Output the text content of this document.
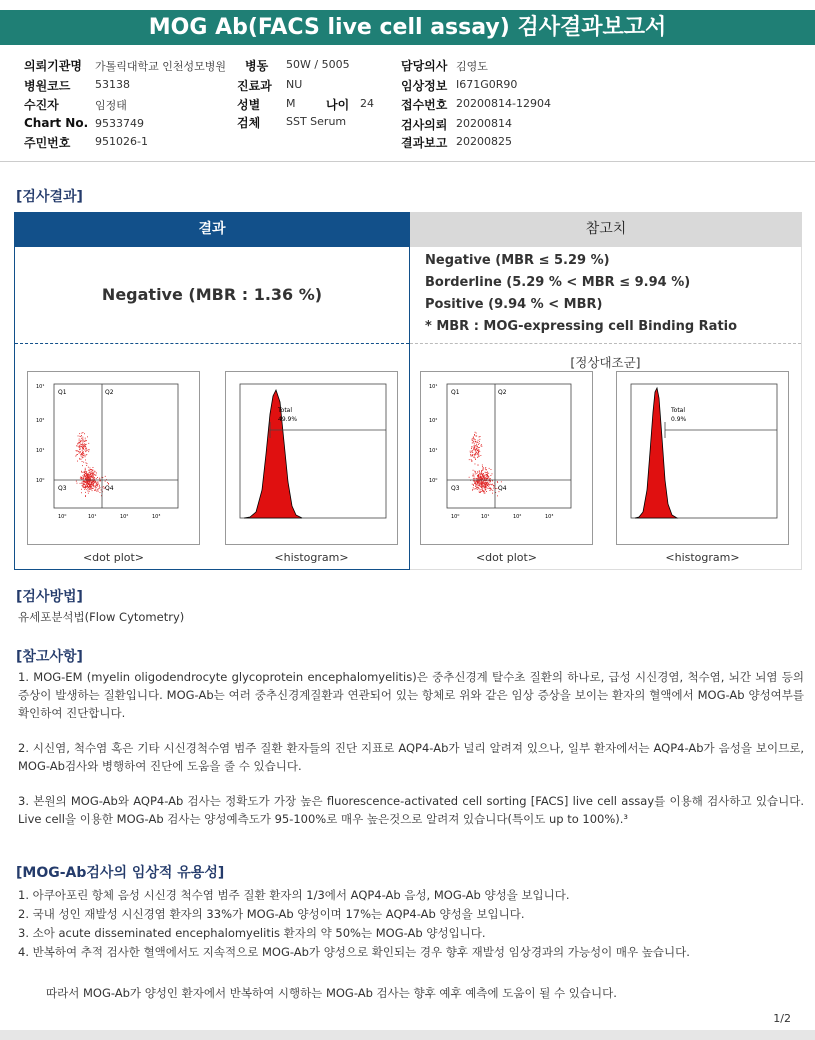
MOG Ab(FACS live cell assay) 검사결과보고서
의뢰기관명 가톨릭대학교 인천성모병원
병원코드 53138
수진자	임정태
Chart No. 9533749
주민번호 951026-1
병동 50W / 5005
진료과 NU
성별 M	나이 24
검체 SST Serum
담당의사 김영도
임상정보 I671G0R90
접수번호 20200814-12904
검사의뢰 20200814
결과보고 20200825
[검사결과]
결과	참고치
Negative (MBR : 1.36 %)
Q1	Q2
Q3	Q4
10¹
10²
10¹
10⁰
10⁰	10¹	10²	10³
<dot plot>
Total
49.9%
<histogram>
Negative (MBR ≤ 5.29 %)
Borderline (5.29 % < MBR ≤ 9.94 %)
Positive (9.94 % < MBR)
* MBR : MOG-expressing cell Binding Ratio
[정상대조군]
Q1	Q2
Q3	Q4
10¹
10²
10¹
10⁰
10⁰	10¹	10²	10³
<dot plot>
Total
0.9%
<histogram>
[검사방법]
유세포분석법(Flow Cytometry)
[참고사항]
1. MOG-EM (myelin oligodendrocyte glycoprotein encephalomyelitis)은 중추신경계 탈수초 질환의 하나로, 급성 시신경염, 척수염, 뇌간 뇌염 등의 증상이 발생하는 질환입니다. MOG-Ab는 여러 중추신경계질환과 연관되어 있는 항체로 위와 같은 임상 증상을 보이는 환자의 혈액에서 MOG-Ab 양성여부를 확인하여 진단합니다.
2. 시신염, 척수염 혹은 기타 시신경척수염 범주 질환 환자들의 진단 지표로 AQP4-Ab가 널리 알려져 있으나, 일부 환자에서는 AQP4-Ab가 음성을 보이므로, MOG-Ab검사와 병행하여 진단에 도움을 줄 수 있습니다.
3. 본원의 MOG-Ab와 AQP4-Ab 검사는 정확도가 가장 높은 fluorescence-activated cell sorting [FACS] live cell assay를 이용해 검사하고 있습니다. Live cell을 이용한 MOG-Ab 검사는 양성예측도가 95-100%로 매우 높은것으로 알려져 있습니다(특이도 up to 100%).³
[MOG-Ab검사의 임상적 유용성]
1. 아쿠아포린 항체 음성 시신경 척수염 범주 질환 환자의 1/3에서 AQP4-Ab 음성, MOG-Ab 양성을 보입니다.
2. 국내 성인 재발성 시신경염 환자의 33%가 MOG-Ab 양성이며 17%는 AQP4-Ab 양성을 보입니다.
3. 소아 acute disseminated encephalomyelitis 환자의 약 50%는 MOG-Ab 양성입니다.
4. 반복하여 추적 검사한 혈액에서도 지속적으로 MOG-Ab가 양성으로 확인되는 경우 향후 재발성 임상경과의 가능성이 매우 높습니다.
따라서 MOG-Ab가 양성인 환자에서 반복하여 시행하는 MOG-Ab 검사는 향후 예후 예측에 도움이 될 수 있습니다.
1/2
